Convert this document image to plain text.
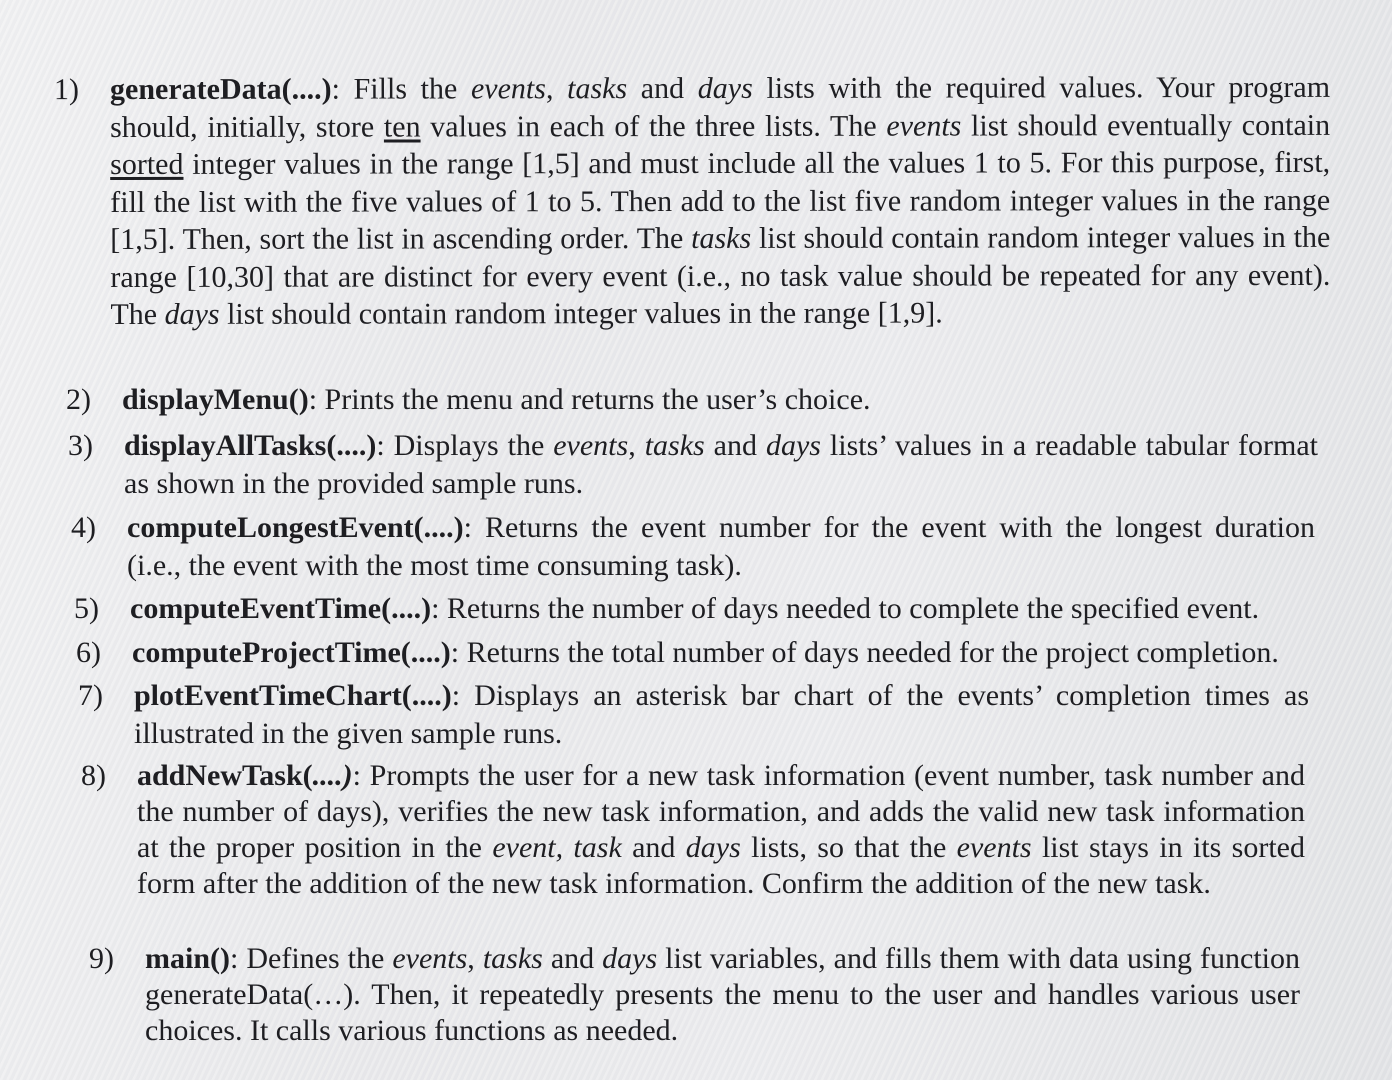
1) generateData(....): Fills the events, tasks and days lists with the required values. Your program should, initially, store ten values in each of the three lists. The events list should eventually contain sorted integer values in the range [1,5] and must include all the values 1 to 5. For this purpose, first, fill the list with the five values of 1 to 5. Then add to the list five random integer values in the range [1,5]. Then, sort the list in ascending order. The tasks list should contain random integer values in the range [10,30] that are distinct for every event (i.e., no task value should be repeated for any event). The days list should contain random integer values in the range [1,9].
2) displayMenu(): Prints the menu and returns the user’s choice.
3) displayAllTasks(....): Displays the events, tasks and days lists’ values in a readable tabular format as shown in the provided sample runs.
4) computeLongestEvent(....): Returns the event number for the event with the longest duration (i.e., the event with the most time consuming task).
5) computeEventTime(....): Returns the number of days needed to complete the specified event.
6) computeProjectTime(....): Returns the total number of days needed for the project completion.
7) plotEventTimeChart(....): Displays an asterisk bar chart of the events’ completion times as illustrated in the given sample runs.
8) addNewTask(....): Prompts the user for a new task information (event number, task number and the number of days), verifies the new task information, and adds the valid new task information at the proper position in the event, task and days lists, so that the events list stays in its sorted form after the addition of the new task information. Confirm the addition of the new task.
9) main(): Defines the events, tasks and days list variables, and fills them with data using function generateData(…). Then, it repeatedly presents the menu to the user and handles various user choices. It calls various functions as needed.
